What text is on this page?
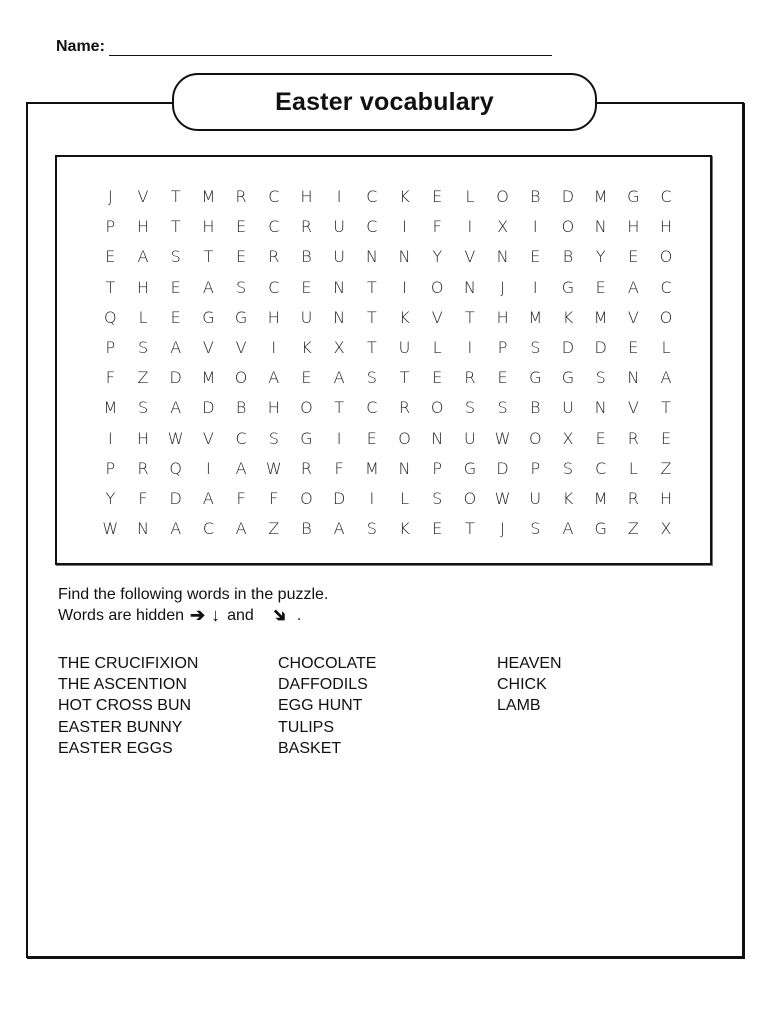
Name:
Easter vocabulary
J	V	T	M	R	C	H	I	C	K	E	L	O	B	D	M	G	C
P	H	T	H	E	C	R	U	C	I	F	I	X	I	O	N	H	H
E	A	S	T	E	R	B	U	N	N	Y	V	N	E	B	Y	E	O
T	H	E	A	S	C	E	N	T	I	O	N	J	I	G	E	A	C
Q	L	E	G	G	H	U	N	T	K	V	T	H	M	K	M	V	O
P	S	A	V	V	I	K	X	T	U	L	I	P	S	D	D	E	L
F	Z	D	M	O	A	E	A	S	T	E	R	E	G	G	S	N	A
M	S	A	D	B	H	O	T	C	R	O	S	S	B	U	N	V	T
I	H	W	V	C	S	G	I	E	O	N	U	W	O	X	E	R	E
P	R	Q	I	A	W	R	F	M	N	P	G	D	P	S	C	L	Z
Y	F	D	A	F	F	O	D	I	L	S	O	W	U	K	M	R	H
W	N	A	C	A	Z	B	A	S	K	E	T	J	S	A	G	Z	X
Find the following words in the puzzle.
Words are hidden ➔ ↓ and ➔ .
THE CRUCIFIXION
THE ASCENTION
HOT CROSS BUN
EASTER BUNNY
EASTER EGGS
CHOCOLATE
DAFFODILS
EGG HUNT
TULIPS
BASKET
HEAVEN
CHICK
LAMB
